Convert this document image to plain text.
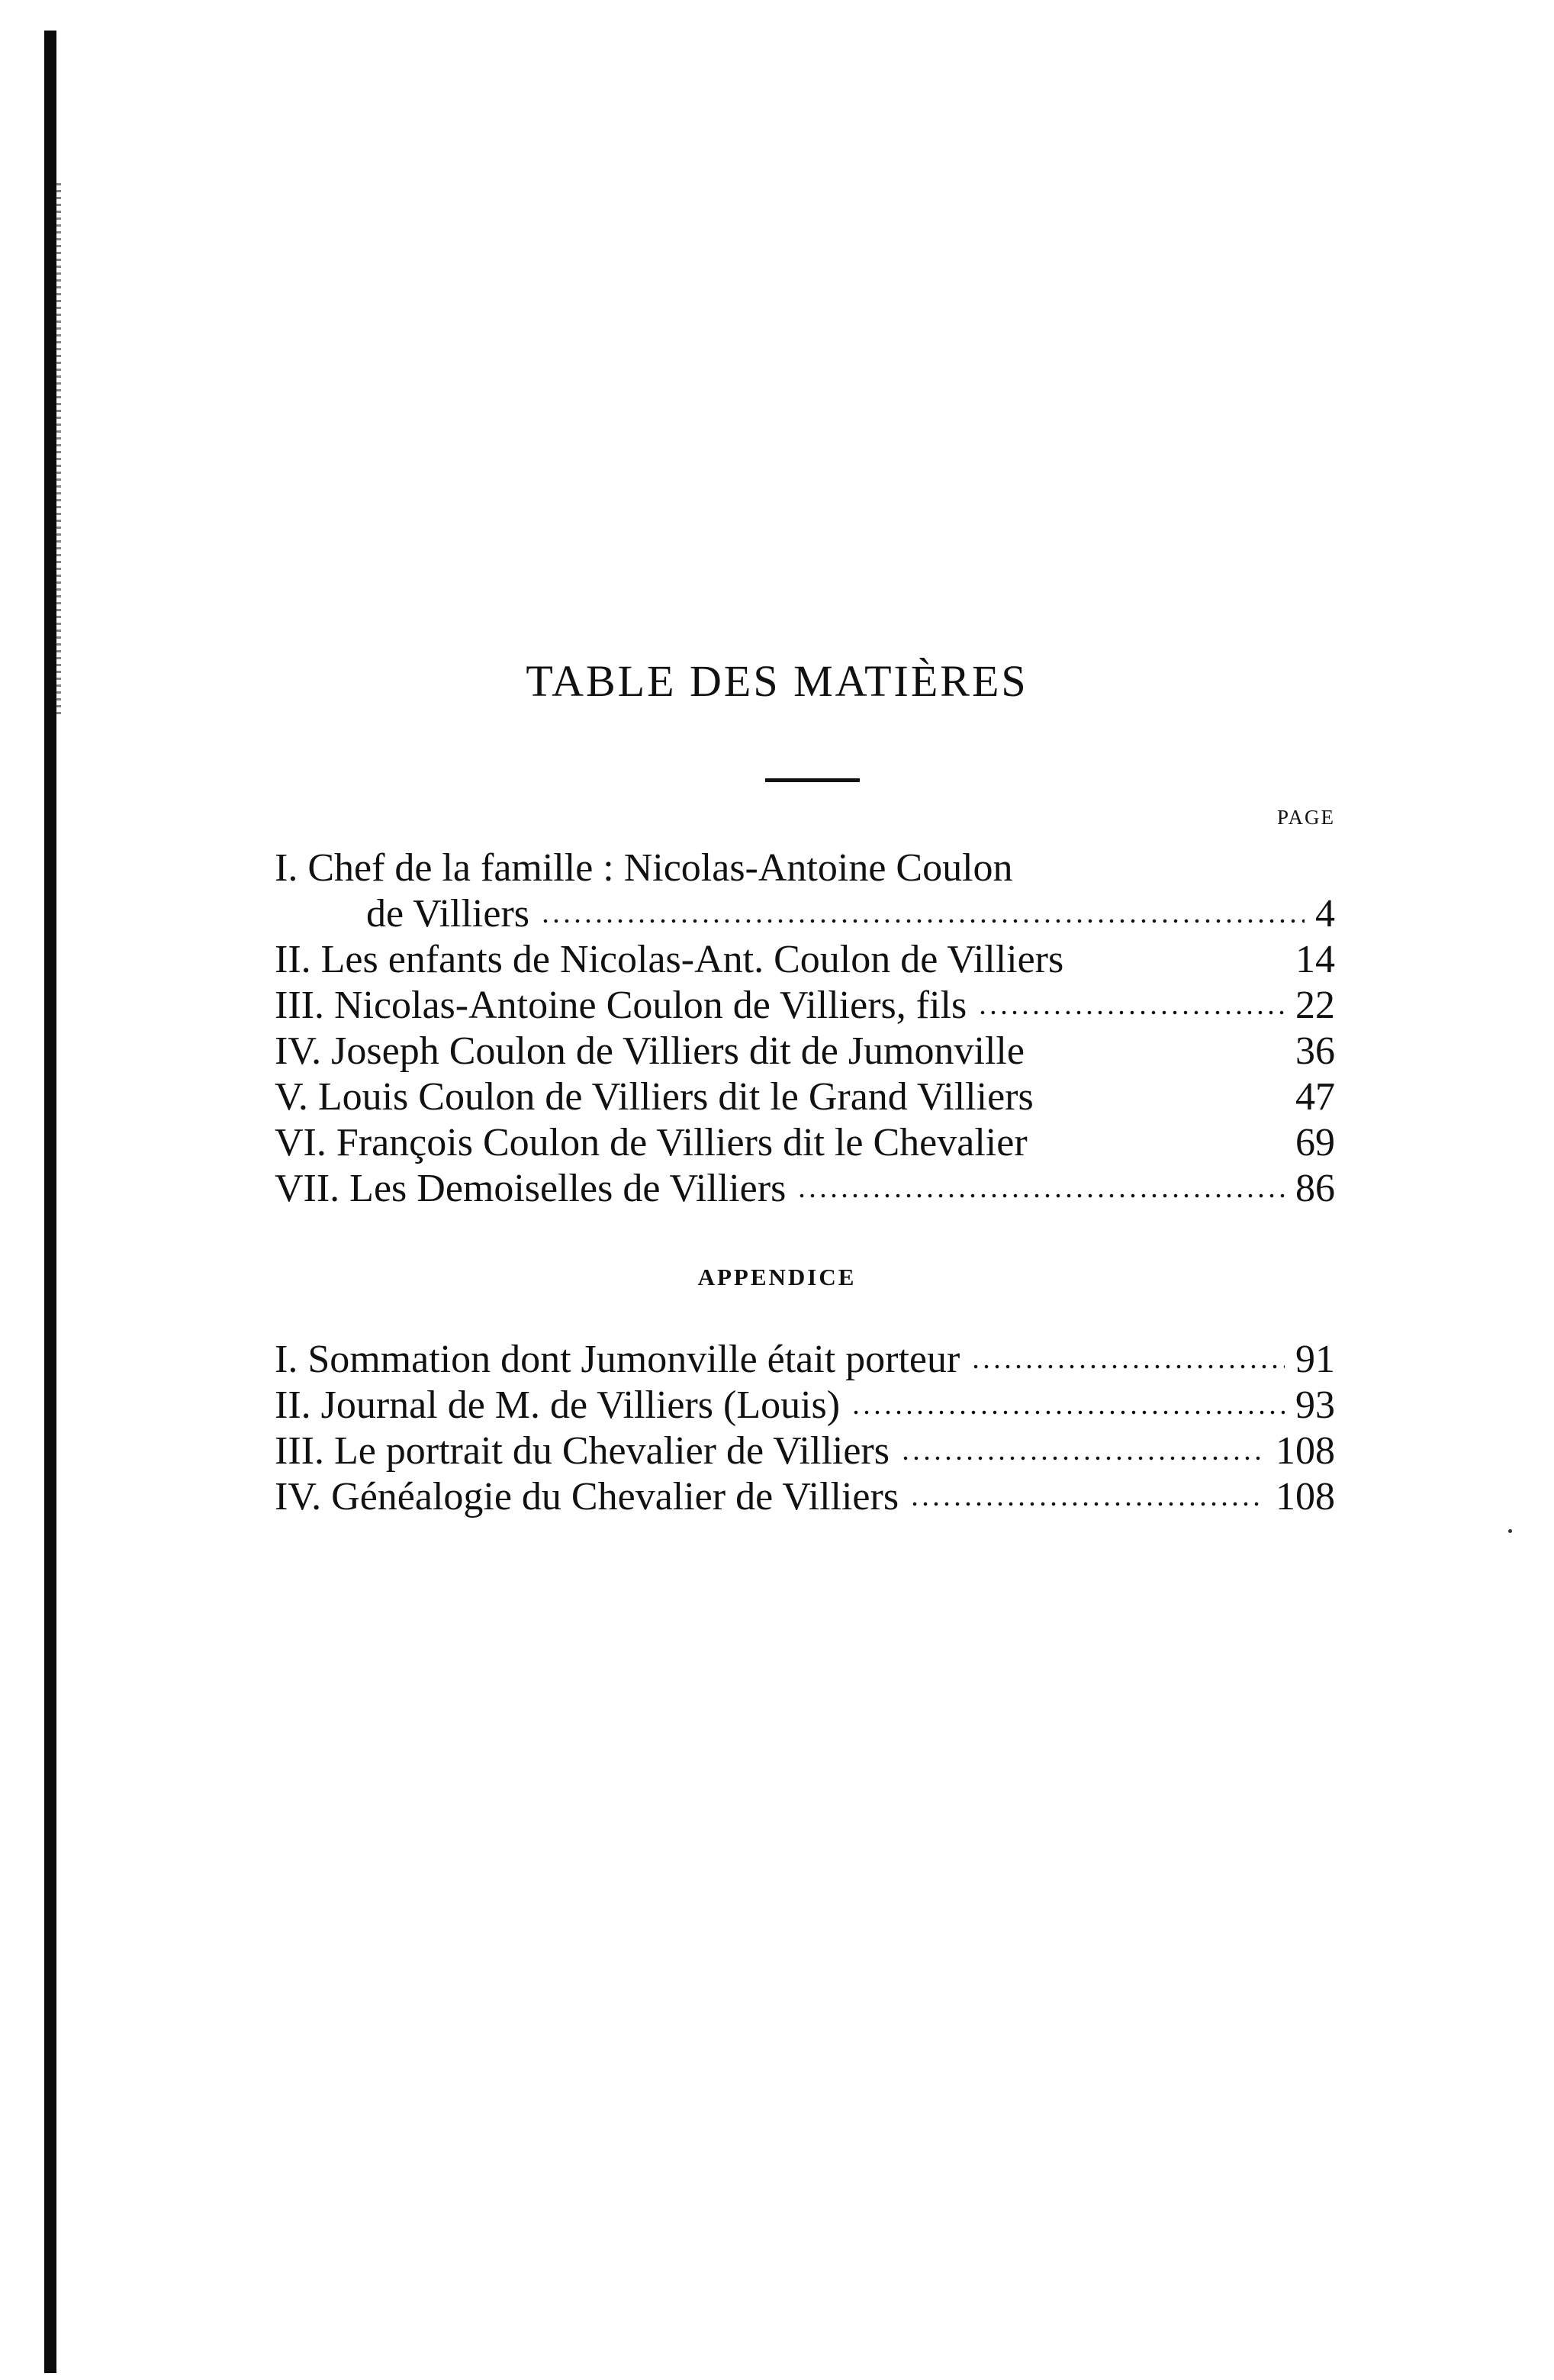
TABLE DES MATIÈRES
PAGE
I. Chef de la famille : Nicolas-Antoine Coulon
de Villiers	4
II. Les enfants de Nicolas-Ant. Coulon de Villiers	14
III. Nicolas-Antoine Coulon de Villiers, fils	22
IV. Joseph Coulon de Villiers dit de Jumonville	36
V. Louis Coulon de Villiers dit le Grand Villiers	47
VI. François Coulon de Villiers dit le Chevalier	69
VII. Les Demoiselles de Villiers	86
APPENDICE
I. Sommation dont Jumonville était porteur	91
II. Journal de M. de Villiers (Louis)	93
III. Le portrait du Chevalier de Villiers	108
IV. Généalogie du Chevalier de Villiers	108
